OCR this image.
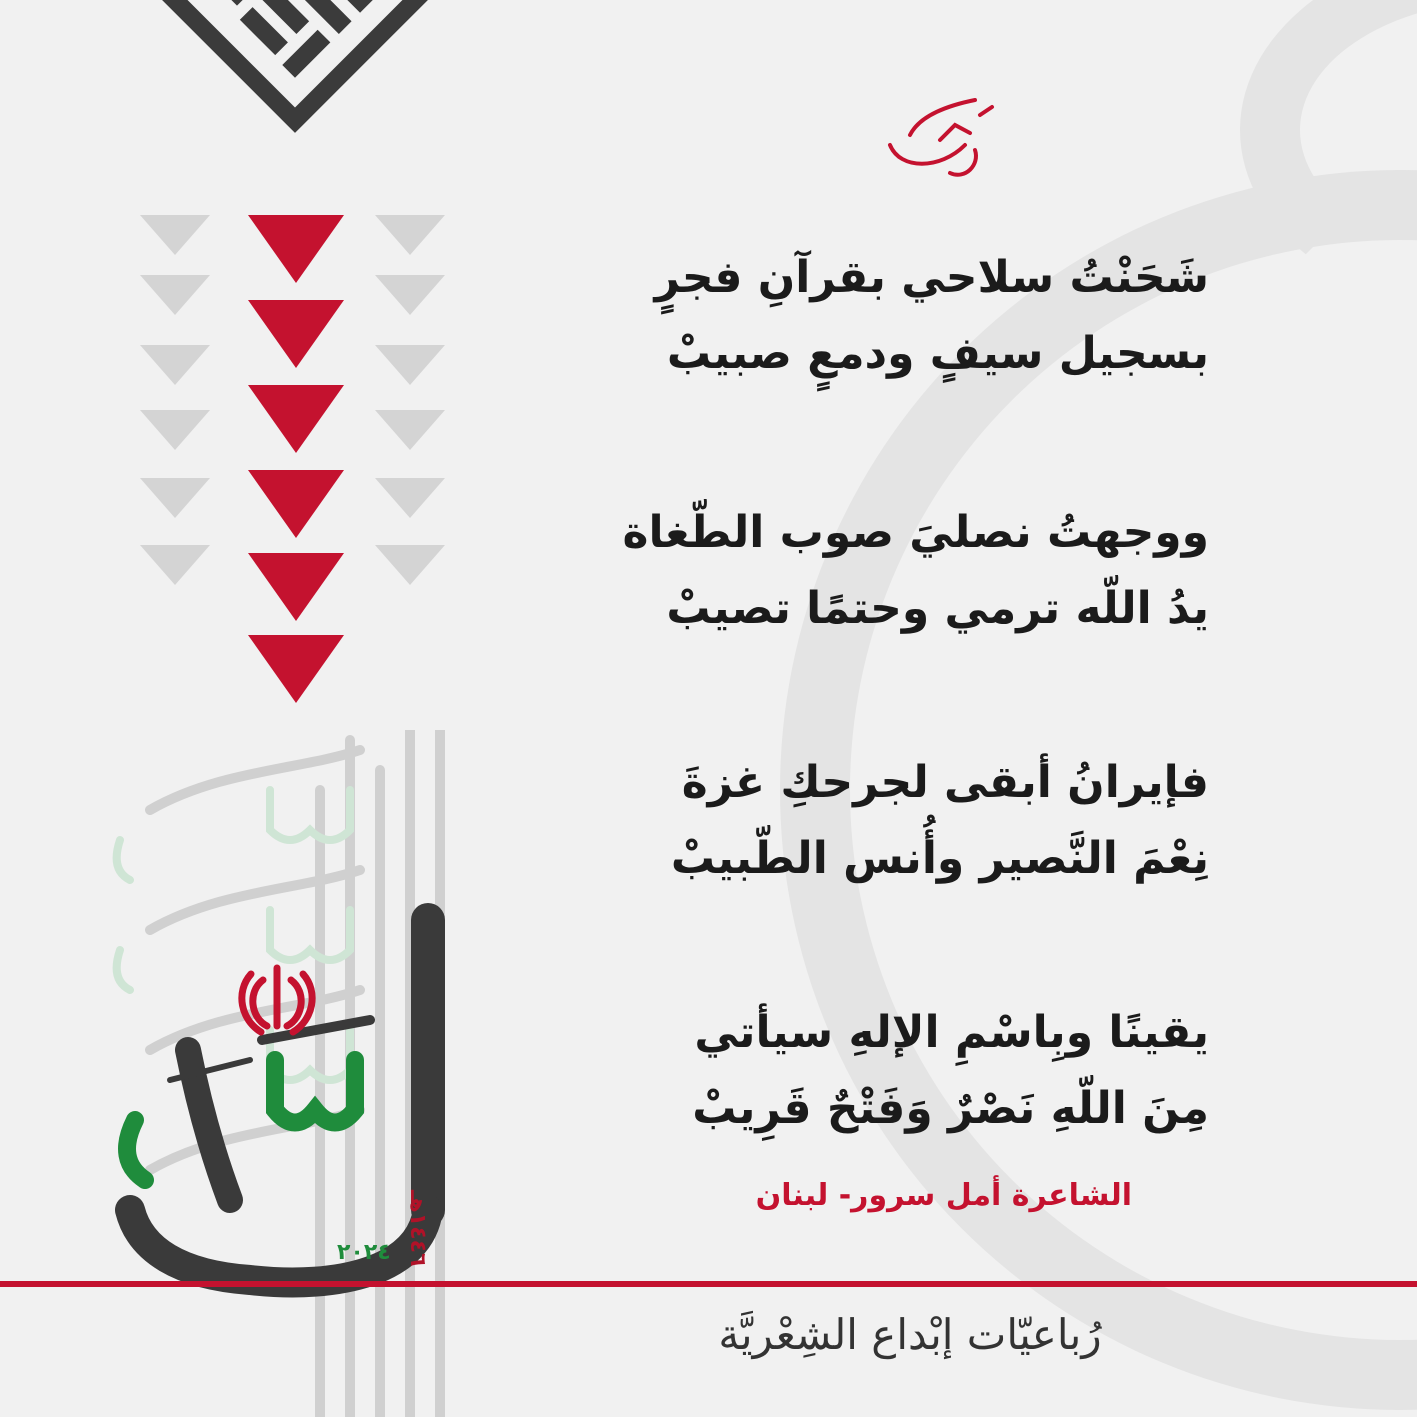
شَحَنْتُ سلاحي بقرآنِ فجرٍ
بسجيل سيفٍ ودمعٍ صبيبْ
ووجهتُ نصليَ صوب الطّغاة
يدُ اللّه ترمي وحتمًا تصيبْ
فإيرانُ أبقى لجرحكِ غزةَ
نِعْمَ النَّصير وأُنس الطّبيبْ
يقينًا وبِاسْمِ الإلهِ سيأتي
مِنَ اللّهِ نَصْرٌ وَفَتْحٌ قَرِيبْ
الشاعرة أمل سرور- لبنان
١٤٤٦هـ
٢٠٢٤
رُباعيّات إبْداع الشِعْريَّة
